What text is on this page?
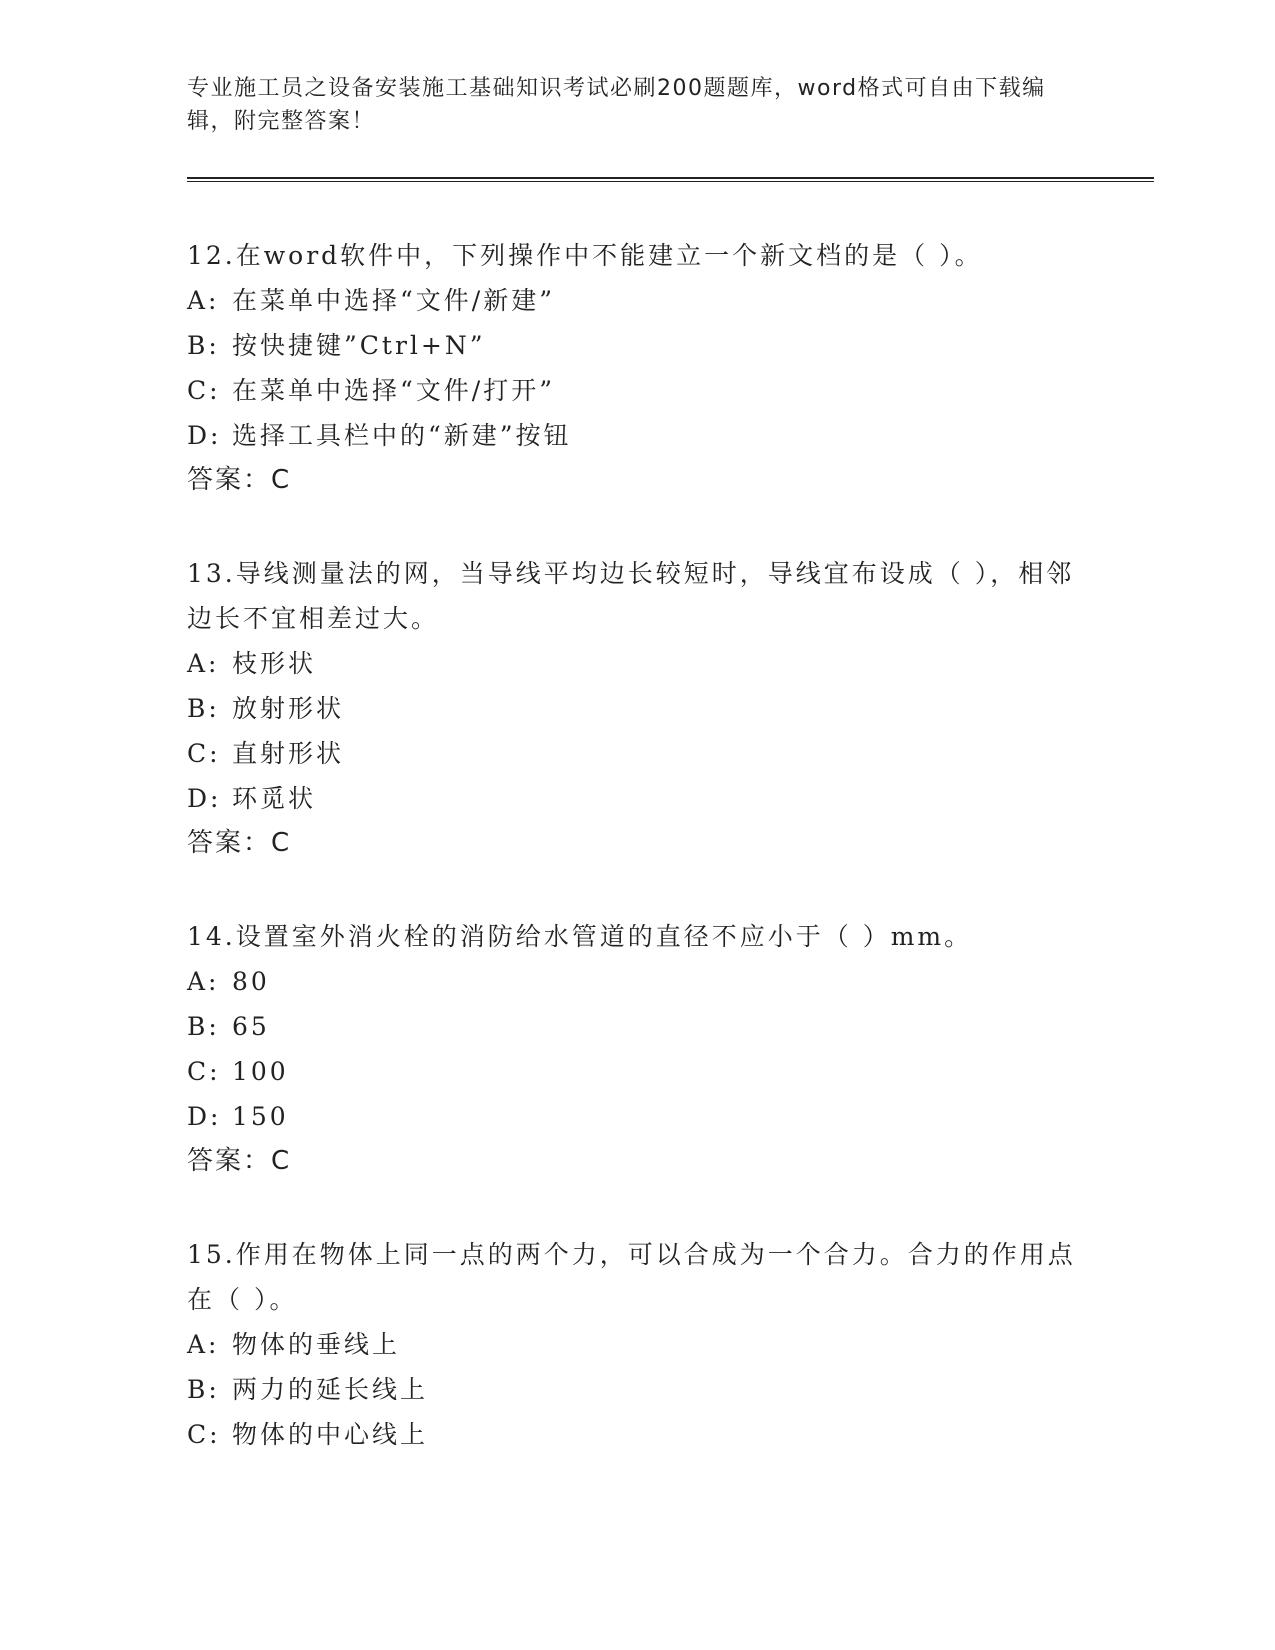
专业施工员之设备安装施工基础知识考试必刷200题题库，word格式可自由下载编辑，附完整答案！

12.在word软件中，下列操作中不能建立一个新文档的是（ ）。

A: 在菜单中选择“文件/新建”

B: 按快捷键”Ctrl+N”

C: 在菜单中选择“文件/打开”

D: 选择工具栏中的“新建”按钮

答案：C

13.导线测量法的网，当导线平均边长较短时，导线宜布设成（ ），相邻边长不宜相差过大。

A: 枝形状

B: 放射形状

C: 直射形状

D: 环觅状

答案：C

14.设置室外消火栓的消防给水管道的直径不应小于（ ）mm。

A: 80

B: 65

C: 100

D: 150

答案：C

15.作用在物体上同一点的两个力，可以合成为一个合力。合力的作用点在（ ）。

A: 物体的垂线上

B: 两力的延长线上

C: 物体的中心线上
